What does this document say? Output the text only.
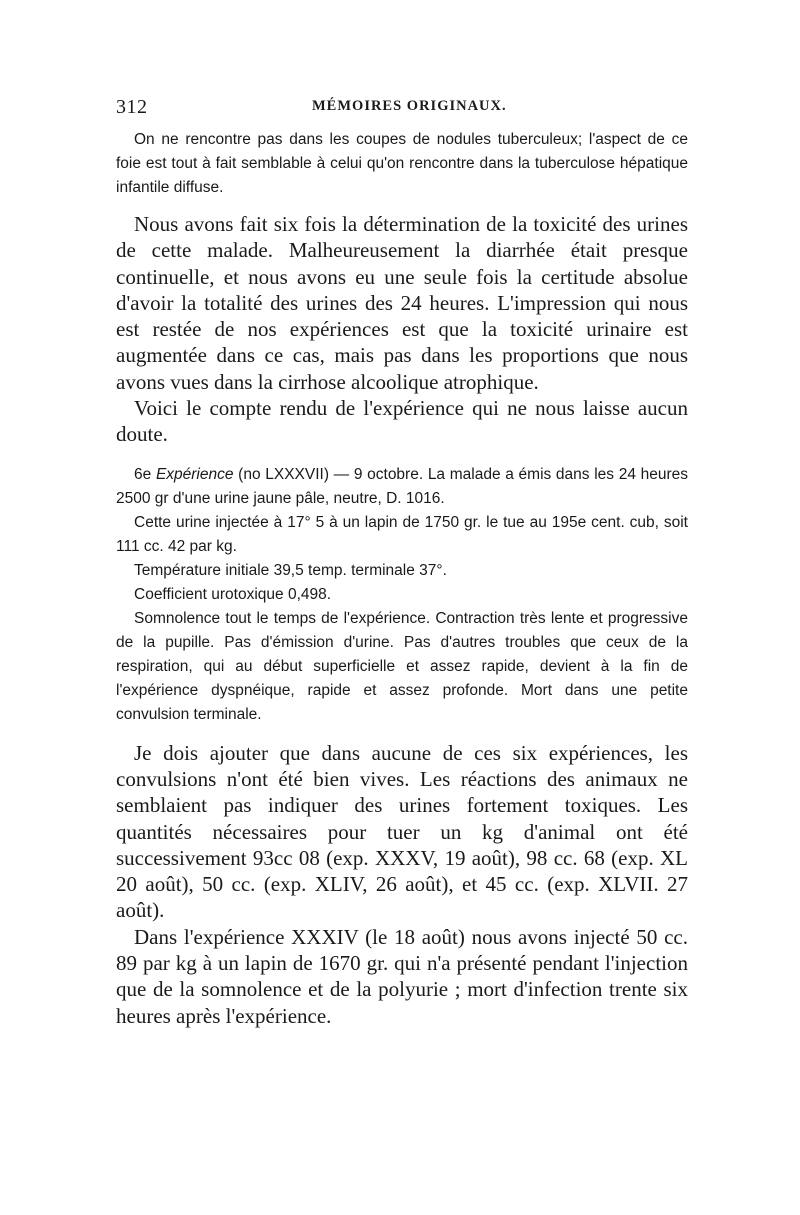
312	MÉMOIRES ORIGINAUX.

On ne rencontre pas dans les coupes de nodules tuberculeux; l'aspect de ce foie est tout à fait semblable à celui qu'on rencontre dans la tuberculose hépatique infantile diffuse.

Nous avons fait six fois la détermination de la toxicité des urines de cette malade. Malheureusement la diarrhée était presque continuelle, et nous avons eu une seule fois la certitude absolue d'avoir la totalité des urines des 24 heures. L'impression qui nous est restée de nos expériences est que la toxicité urinaire est augmentée dans ce cas, mais pas dans les proportions que nous avons vues dans la cirrhose alcoolique atrophique.

Voici le compte rendu de l'expérience qui ne nous laisse aucun doute.

6e Expérience (no LXXXVII) — 9 octobre. La malade a émis dans les 24 heures 2500 gr d'une urine jaune pâle, neutre, D. 1016.

Cette urine injectée à 17° 5 à un lapin de 1750 gr. le tue au 195e cent. cub, soit 111 cc. 42 par kg.

Température initiale 39,5 temp. terminale 37°.

Coefficient urotoxique 0,498.

Somnolence tout le temps de l'expérience. Contraction très lente et progressive de la pupille. Pas d'émission d'urine. Pas d'autres troubles que ceux de la respiration, qui au début superficielle et assez rapide, devient à la fin de l'expérience dyspnéique, rapide et assez profonde. Mort dans une petite convulsion terminale.

Je dois ajouter que dans aucune de ces six expériences, les convulsions n'ont été bien vives. Les réactions des animaux ne semblaient pas indiquer des urines fortement toxiques. Les quantités nécessaires pour tuer un kg d'animal ont été successivement 93cc 08 (exp. XXXV, 19 août), 98 cc. 68 (exp. XL 20 août), 50 cc. (exp. XLIV, 26 août), et 45 cc. (exp. XLVII. 27 août).

Dans l'expérience XXXIV (le 18 août) nous avons injecté 50 cc. 89 par kg à un lapin de 1670 gr. qui n'a présenté pendant l'injection que de la somnolence et de la polyurie ; mort d'infection trente six heures après l'expérience.
